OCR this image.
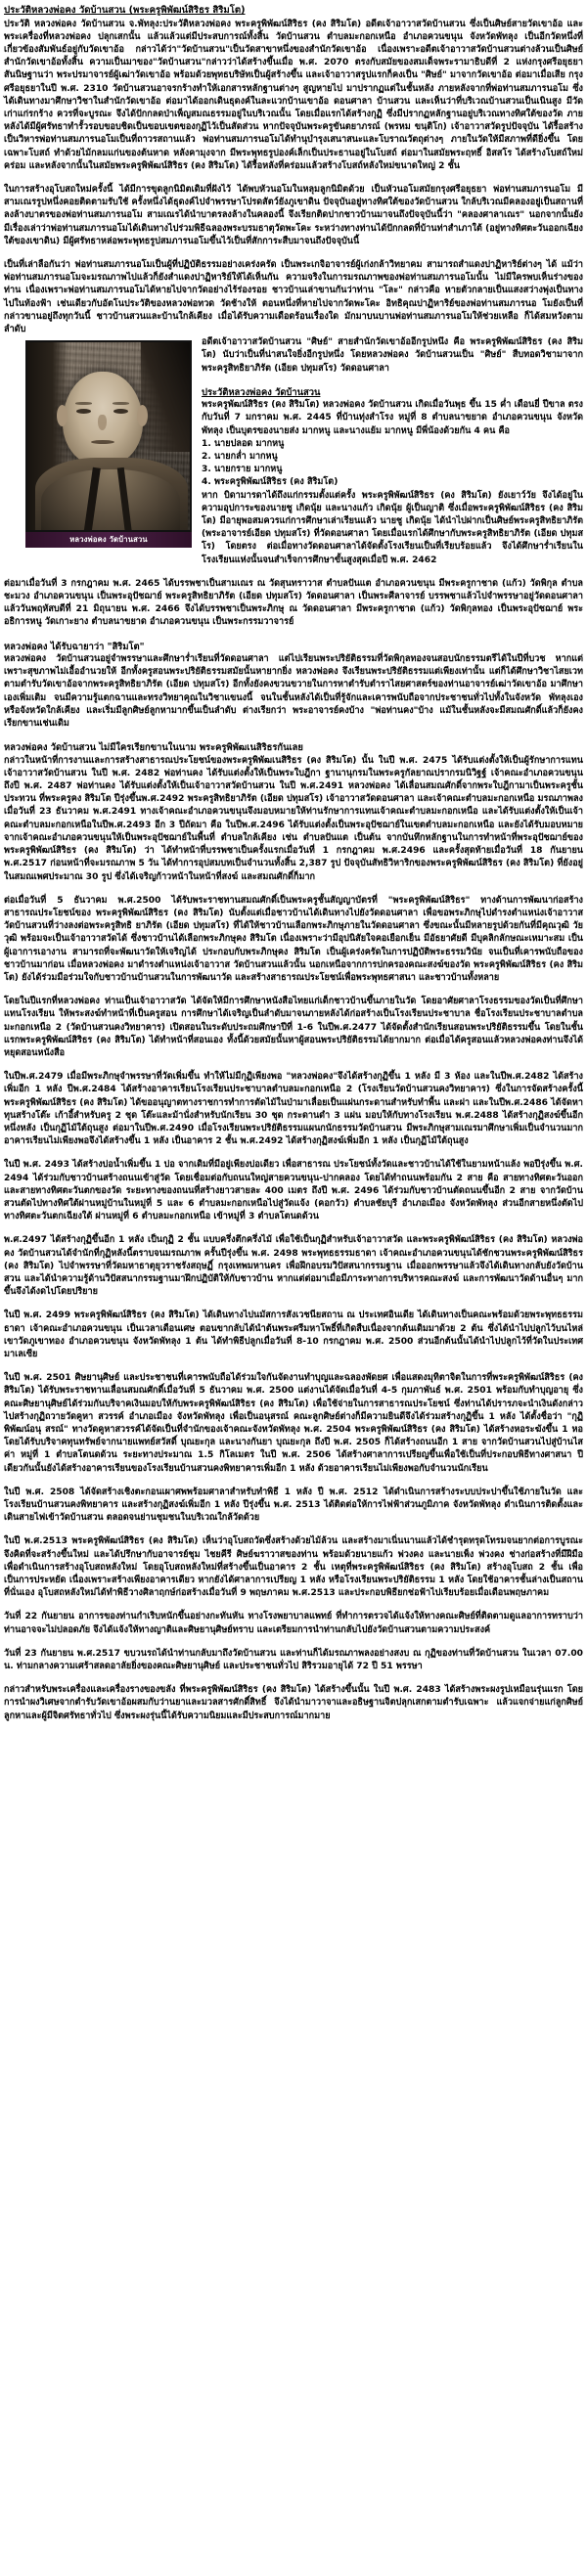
ประวัติหลวงพ่อคง วัดบ้านสวน (พระครูพิพัฒน์สิริธร สิริมโต)

ประวัติ หลวงพ่อคง วัดบ้านสวน จ.พัทลุง:ประวัติหลวงพ่อคง พระครูพิพัฒน์สิริธร (คง สิริมโต) อดีตเจ้าอาวาสวัดบ้านสวน ซึ่งเป็นศิษย์สายวัดเขาอ้อ และพระเครื่องที่หลวงพ่อคง ปลุกเสกนั้น แล้วแล้วแต่มีประสบการณ์ทั้งสิ้น วัดบ้านสวน ตำบลมะกอกเหนือ อำเภอควนขนุน จังหวัดพัทลุง เป็นอีกวัดหนึ่งที่เกี่ยวข้องสัมพันธ์อยู่กับวัดเขาอ้อ กล่าวได้ว่า"วัดบ้านสวน"เป็นวัดสาขาหนึ่งของสำนักวัดเขาอ้อ เนื่องเพราะอดีตเจ้าอาวาสวัดบ้านสวนต่างล้วนเป็นศิษย์สำนักวัดเขาอ้อทั้งสิ้น ความเป็นมาของ"วัดบ้านสวน"กล่าวว่าได้สร้างขึ้นเมื่อ พ.ศ. 2070 ตรงกับสมัยของสมเด็จพระรามาธิบดีที่ 2 แห่งกรุงศรีอยุธยา สันนิษฐานว่า พระปรมาจารย์ผู้เฒ่าวัดเขาอ้อ พร้อมด้วยพุทธบริษัทเป็นผู้สร้างขึ้น และเจ้าอาวาสรูปแรกก็คงเป็น "ศิษย์" มาจากวัดเขาอ้อ ต่อมาเมื่อเสีย กรุงศรีอยุธยาในปี พ.ศ. 2310 วัดบ้านสวนอาจรกร้างทำให้เอกสารหลักฐานต่างๆ สูญหายไป มาปรากฏแต่ในชั้นหลัง ภายหลังจากที่พ่อท่านสมภารนอโม ซึ่งได้เดินทางมาศึกษาวิชาในสำนักวัดเขาอ้อ ต่อมาได้ออกเดินธุดงค์ในละแวกบ้านเขาอ้อ ดอนศาลา บ้านสวน และเห็นว่าที่บริเวณบ้านสวนเป็นเนินสูง มีวัดเก่าแก่รกร้าง ควรที่จะบูรณะ จึงได้ปักกลดป่าเพ็ญสมณธรรมอยู่ในบริเวณนั้น โดยเมื่อแรกได้สร้างกุฏิ ซึ่งมีปรากฏหลักฐานอยู่บริเวณทางทิศใต้ของวัด ภายหลังได้มีผู้ศรัทธาทำรั้วรอบขอบชิดเป็นขอบเขตของกุฏิไว้เป็นสัดส่วน หากปัจจุบันพระครูขันตยาภรณ์ (พรหม ขนฺติโก) เจ้าอาวาสวัดรูปปัจจุบัน ได้รื้อสร้างเป็นวิหารพ่อท่านสมภารนอโมเป็นที่ถาวรสถานแล้ว พ่อท่านสมภารนอโมได้ทำนุบำรุงเสนาสนะและโบราณวัตถุต่างๆ ภายในวัดให้มีสภาพที่ดียิ่งขึ้น โดยเฉพาะโบสถ์ ทำด้วยไม้กลมแก่นของต้นหาด หลังคามุงจาก มีพระพุทธรูปองค์เล็กเป็นประธานอยู่ในโบสถ์ ต่อมาในสมัยพระฤทธิ์ อิสสโร ได้สร้างโบสถ์ใหม่คร่อม และหลังจากนั้นในสมัยพระครูพิพัฒน์สิริธร (คง สิริมโต) ได้รื้อหลังที่คร่อมแล้วสร้างโบสถ์หลังใหม่ขนาดใหญ่ 2 ชั้น

ในการสร้างอุโบสถใหม่ครั้งนี้ ได้มีการขุดลูกนิมิตเดิมที่ฝังไว้ ได้พบหัวนอโมในหลุมลูกนิมิตด้วย เป็นหัวนอโมสมัยกรุงศรีอยุธยา พ่อท่านสมภารนอโม มีสามเณรรูปหนึ่งคอยติดตามรับใช้ ครั้งหนึ่งได้ธุดงค์ไปจำพรรษาโปรดสัตว์ยังภูเขาดิน ปัจจุบันอยู่ทางทิศใต้ของวัดบ้านสวน ใกล้บริเวณมีคลองอยู่เป็นสถานที่ลงล้างบาตรของพ่อท่านสมภารนอโม สามเณรได้นำบาตรลงล้างในคลองนี้ จึงเรียกติดปากชาวบ้านมาจนถึงปัจจุบันนี้ว่า "คลองศาลาเณร" นอกจากนั้นยังมีเรื่องเล่าว่าพ่อท่านสมภารนอโมได้เดินทางไปร่วมพิธีฉลองพระบรมธาตุวัดพะโคะ ระหว่างทางท่านได้ปักกลดที่บ้านท่าสำเภาใต้ (อยู่ทางทิศตะวันออกเฉียงใต้ของเขาดิน) มีผู้ศรัทธาหล่อพระพุทธรูปสมภารนอโมขึ้นไว้เป็นที่สักการะสืบมาจนถึงปัจจุบันนี้

เป็นที่เล่าลือกันว่า พ่อท่านสมภารนอโมเป็นผู้ที่ปฏิบัติธรรมอย่างเคร่งครัด เป็นพระเกจิอาจารย์ผู้เก่งกล้าวิทยาคม สามารถสำแดงปาฏิหาริย์ต่างๆ ได้ แม้ว่าพ่อท่านสมภารนอโมจะมรณภาพไปแล้วก็ยังสำแดงปาฏิหาริย์ให้ได้เห็นกัน ความจริงในการมรณภาพของพ่อท่านสมภารนอโมนั้น ไม่มีใครพบเห็นร่างของท่าน เนื่องเพราะพ่อท่านสมภารนอโมได้หายไปจากวัดอย่างไร้ร่องรอย ชาวบ้านเล่าขานกันว่าท่าน "โละ" กล่าวคือ หายตัวกลายเป็นแสงสว่างพุ่งเป็นทางไปในท้องฟ้า เช่นเดียวกับอัตโนประวัติของหลวงพ่อทวด วัดช้างให้ ตอนหนึ่งที่หายไปจากวัดพะโคะ อิทธิคุณปาฏิหาริย์ของพ่อท่านสมภารนอ โมยังเป็นที่กล่าวขานอยู่ถึงทุกวันนี้ ชาวบ้านสวนและบ้านใกล้เคียง เมื่อได้รับความเดือดร้อนเรื่องใด มักมาบนบานพ่อท่านสมภารนอโมให้ช่วยเหลือ ก็ได้สมหวังตามลำดับ

หลวงพ่อคง วัดบ้านสวน

อดีตเจ้าอาวาสวัดบ้านสวน "ศิษย์" สายสำนักวัดเขาอ้ออีกรูปหนึ่ง คือ พระครูพิพัฒน์สิริธร (คง สิริมโต) นับว่าเป็นที่น่าสนใจยิ่งอีกรูปหนึ่ง โดยหลวงพ่อคง วัดบ้านสวนเป็น "ศิษย์" สืบทอดวิชามาจากพระครูสิทธิยาภิรัต (เอียด ปทุมสโร) วัดดอนศาลา

ประวัติหลวงพ่อคง วัดบ้านสวน

พระครูพัฒน์สิริธร (คง สิริมโต) หลวงพ่อคง วัดบ้านสวน เกิดเมื่อวันพุธ ขึ้น 15 ค่ำ เดือนยี่ ปีขาล ตรงกับวันที่ 7 มกราคม พ.ศ. 2445 ที่บ้านทุ่งสำโรง หมู่ที่ 8 ตำบลนาขยาด อำเภอควนขนุน จังหวัดพัทลุง เป็นบุตรของนายส่ง มากหนู และนางแย้ม มากหนู มีพี่น้องด้วยกัน 4 คน คือ

1. นายปลอด มากหนู
2. นายกล่ำ มากหนู
3. นายกราย มากหนู
4. พระครูพิพัฒน์สิริธร (คง สิริมโต)

หาก บิดามารดาได้ถึงแก่กรรมตั้งแต่ครั้ง พระครูพิพัฒน์สิริธร (คง สิริมโต) ยังเยาว์วัย จึงได้อยู่ในความอุปการะของนายชู เกิดนุ้ย และนางแก้ว เกิดนุ้ย ผู้เป็นญาติ ซึ่งเมื่อพระครูพิพัฒน์สิริธร (คง สิริมโต) มีอายุพอสมควรแก่การศึกษาเล่าเรียนแล้ว นายชู เกิดนุ้ย ได้นำไปฝากเป็นศิษย์พระครูสิทธิยาภิรัต (พระอาจารย์เอียด ปทุมสโร) ที่วัดดอนศาลา โดยเมื่อแรกได้ศึกษากับพระครูสิทธิยาภิรัต (เอียด ปทุมสโร) โดยตรง ต่อเมื่อทางวัดดอนศาลาได้จัดตั้งโรงเรียนเป็นที่เรียบร้อยแล้ว จึงได้ศึกษาร่ำเรียนในโรงเรียนแห่งนั้นจนสำเร็จการศึกษาขั้นสูงสุดเมื่อปี พ.ศ. 2462

ต่อมาเมื่อวันที่ 3 กรกฎาคม พ.ศ. 2465 ได้บรรพชาเป็นสามเณร ณ วัดสุนทราวาส ตำบลปันแต อำเภอควนขนุน มีพระครูกาชาด (แก้ว) วัดพิกุล ตำบลชะมวง อำเภอควนขนุน เป็นพระอุปัชฌาย์ พระครูสิทธิยาภิรัต (เอียด ปทุมสโร) วัดดอนศาลา เป็นพระศีลาจารย์ บรรพชาแล้วไปจำพรรษาอยู่วัดดอนศาลา แล้ววันพฤหัสบดีที่ 21 มิถุนายน พ.ศ. 2466 จึงได้บรรพชาเป็นพระภิกษุ ณ วัดดอนศาลา มีพระครูกาชาด (แก้ว) วัดพิกุลทอง เป็นพระอุปัชฌาย์ พระอธิการหนู วัดเกาะยาง ตำบลนาขยาด อำเภอควนขนุน เป็นพระกรรมวาจารย์

หลวงพ่อคง ได้รับฉายาว่า "สิริมโต"

หลวงพ่อคง วัดบ้านสวนอยู่จำพรรษาและศึกษาร่ำเรียนที่วัดดอนศาลา แต่ไปเรียนพระปริยัติธรรมที่วัดพิกุลทองจนสอบนักธรรมตรีได้ในปีที่บวช หากแต่เพราะสุขภาพไม่เอื้ออำนวยให้ อีกทั้งครูสอนพระปริยัติธรรมสมัยนั้นหายากยิ่ง หลวงพ่อคง จึงเรียนพระปริยัติธรรมแต่เพียงเท่านั้น แต่ก็ได้ศึกษาวิชาไสยเวท ตามตำรับวัดเขาอ้อจากพระครูสิทธิยาภิรัต (เอียด ปทุมสโร) อีกทั้งยังคงขวนขวายในการหาตำรับตำราไสยศาสตร์ของท่านอาจารย์เฒ่าวัดเขาอ้อ มาศึกษาเองเพิ่มเติม จนมีความรู้แตกฉานและทรงวิทยาคุณในวิชาแขนงนี้ จนในชั้นหลังได้เป็นที่รู้จักและเคารพนับถือจากประชาชนทั่วไปทั้งในจังหวัด พัทลุงเอง หรือจังหวัดใกล้เคียง และเริ่มมีลูกศิษย์ลูกหามากขึ้นเป็นลำดับ ต่างเรียกว่า พระอาจารย์คงบ้าง "พ่อท่านคง"บ้าง แม้ในชั้นหลังจะมีสมณศักดิ์แล้วก็ยังคงเรียกขานเช่นเดิม

หลวงพ่อคง วัดบ้านสวน ไม่มีใครเรียกขานในนาม พระครูพิพัฒเนสิริธรกันเลย

กล่าวในหน้าที่การงานและการสร้างสาธารณประโยชน์ของพระครูพิพัฒเนสิริธร (คง สิริมโต) นั้น ในปี พ.ศ. 2475 ได้รับแต่งตั้งให้เป็นผู้รักษาการแทนเจ้าอาวาสวัดบ้านสวน ในปี พ.ศ. 2482 พ่อท่านคง ได้รับแต่งตั้งให้เป็นพระใบฎีกา ฐานานุกรมในพระครูกัลยาณปรากรมนิวิฐฐ์ เจ้าคณะอำเภอควนขนุน ถึงปี พ.ศ. 2487 พ่อท่านคง ได้รับแต่งตั้งให้เป็นเจ้าอาวาสวัดบ้านสวน ในปี พ.ศ.2491 หลวงพ่อคง ได้เลื่อนสมณศักดิ์จากพระใบฎีกามาเป็นพระครูชั้นประทวน ที่พระครูคง สิริมโต ปีรุ่งขึ้นพ.ศ.2492 พระครูสิทธิยาภิรัต (เอียด ปทุมสโร) เจ้าอาวาสวัดดอนศาลา และเจ้าคณะตำบลมะกอกเหนือ มรณภาพลงเมื่อวันที่ 23 ธันวาคม พ.ศ.2491 ทางเจ้าคณะอำเภอควนขนุนจึงมอบหมายให้ท่านรักษาการแทนเจ้าคณะตำบลมะกอกเหนือ และได้รับแต่งตั้งให้เป็นเจ้าคณะตำบลมะกอกเหนือในปีพ.ศ.2493 อีก 3 ปีถัดมา คือ ในปีพ.ศ.2496 ได้รับแต่งตั้งเป็นพระอุปัชฌาย์ในเขตตำบลมะกอกเหนือ และยังได้รับมอบหมายจากเจ้าคณะอำเภอควนขนุนให้เป็นพระอุปัชฌาย์ในพื้นที่ ตำบลใกล้เคียง เช่น ตำบลปันแต เป็นต้น จากบันทึกหลักฐานในการทำหน้าที่พระอุปัชฌาย์ของพระครูพิพัฒน์สิริธร (คง สิริมโต) ว่า ได้ทำหน้าที่บรรพชาเป็นครั้งแรกเมื่อวันที่ 1 กรกฎาคม พ.ศ.2496 และครั้งสุดท้ายเมื่อวันที่ 18 กันยายน พ.ศ.2517 ก่อนหน้าที่จะมรณภาพ 5 วัน ได้ทำการอุปสมบทเป็นจำนวนทั้งสิ้น 2,387 รูป ปัจจุบันสัทธิวิหาริกของพระครูพิพัฒน์สิริธร (คง สิริมโต) ที่ยังอยู่ในสมณเพศประมาณ 30 รูป ซึ่งได้เจริญก้าวหน้าในหน้าที่สงฆ์ และสมณศักดิ์ก็มาก

ต่อเมื่อวันที่ 5 ธันวาคม พ.ศ.2500 ได้รับพระราชทานสมณศักดิ์เป็นพระครูชั้นสัญญาบัตรที่ "พระครูพิพัฒน์สิริธร" ทางด้านการพัฒนาก่อสร้างสาธารณประโยชน์ของ พระครูพิพัฒน์สิริธร (คง สิริมโต) นับตั้งแต่เมื่อชาวบ้านได้เดินทางไปยังวัดดอนศาลา เพื่อขอพระภิกษุไปดำรงตำแหน่งเจ้าอาวาสวัดบ้านสวนที่ว่างลงต่อพระครูสิทธิ ยาภิรัต (เอียด ปทุมสโร) ที่ได้ให้ชาวบ้านเลือกพระภิกษุภายในวัดดอนศาลา ซึ่งขณะนั้นมีหลายรูปด้วยกันที่มีคุณวุฒิ วัยวุฒิ พร้อมจะเป็นเจ้าอาวาสวัดได้ ซึ่งชาวบ้านได้เลือกพระภิกษุคง สิริมโต เนื่องเพราะว่ามีอุปนิสัยใจคอเยือกเย็น มีอัธยาศัยดี มีบุคลิกลักษณะเหมาะสม เป็นผู้เอาการเอางาน สามารถที่จะพัฒนาวัดให้เจริญได้ ประกอบกับพระภิกษุคง สิริมโต เป็นผู้เคร่งครัดในการปฏิบัติพระธรรมวินัย จนเป็นที่เคารพนับถือของชาวบ้านมาก่อน เมื่อหลวงพ่อคง มาดำรงตำแหน่งเจ้าอาวาส วัดบ้านสวนแล้วนั้น นอกเหนือจากการปกครองคณะสงฆ์ของวัด พระครูพิพัฒน์สิริธร (คง สิริมโต) ยังได้ร่วมมือร่วมใจกับชาวบ้านบ้านสวนในการพัฒนาวัด และสร้างสาธารณประโยชน์เพื่อพระพุทธศาสนา และชาวบ้านทั้งหลาย

โดยในปีแรกที่หลวงพ่อคง ท่านเป็นเจ้าอาวาสวัด ได้จัดให้มีการศึกษาหนังสือไทยแก่เด็กชาวบ้านขึ้นภายในวัด โดยอาศัยศาลาโรงธรรมของวัดเป็นที่ศึกษาแทนโรงเรียน ให้พระสงฆ์ทำหน้าที่เป็นครูสอน การศึกษาได้เจริญเป็นลำดับมาจนภายหลังได้ก่อสร้างเป็นโรงเรียนประชาบาล ชื่อโรงเรียนประชาบาลตำบลมะกอกเหนือ 2 (วัดบ้านสวนคงวิทยาคาร) เปิดสอนในระดับประถมศึกษาปีที่ 1-6 ในปีพ.ศ.2477 ได้จัดตั้งสำนักเรียนสอนพระปริยัติธรรมขึ้น โดยในชั้นแรกพระครูพิพัฒน์สิริธร (คง สิริมโต) ได้ทำหน้าที่สอนเอง ทั้งนี้ด้วยสมัยนั้นหาผู้สอนพระปริยัติธรรมได้ยากมาก ต่อเมื่อได้ครูสอนแล้วหลวงพ่อคงท่านจึงได้หยุดสอนหนังสือ

ในปีพ.ศ.2479 เมื่อมีพระภิกษุจำพรรษาที่วัดเพิ่มขึ้น ทำให้ไม่มีกุฏิเพียงพอ "หลวงพ่อคง"จึงได้สร้างกุฏิขึ้น 1 หลัง มี 3 ห้อง และในปีพ.ศ.2482 ได้สร้างเพิ่มอีก 1 หลัง ปีพ.ศ.2484 ได้สร้างอาคารเรียนโรงเรียนประชาบาลตำบลมะกอกเหนือ 2 (โรงเรียนวัดบ้านสวนคงวิทยาคาร) ซึ่งในการจัดสร้างครั้งนี้พระครูพิพัฒน์สิริธร (คง สิริมโต) ได้ขออนุญาตทางราชการทำการตัดไม้ในป่ามาเลื่อยเป็นแผ่นกระดานสำหรับทำพื้น และฝา และในปีพ.ศ.2486 ได้จัดหาทุนสร้างโต๊ะ เก้าอี้สำหรับครู 2 ชุด โต๊ะและม้านั่งสำหรับนักเรียน 30 ชุด กระดานดำ 3 แผ่น มอบให้กับทางโรงเรียน พ.ศ.2488 ได้สร้างกุฏิสงฆ์ขึ้นอีกหนึ่งหลัง เป็นกุฏิไม้ใต้ถุนสูง ต่อมาในปีพ.ศ.2490 เมื่อโรงเรียนพระปริยัติธรรมแผนกนักธรรมวัดบ้านสวน มีพระภิกษุสามเณรมาศึกษาเพิ่มเป็นจำนวนมาก อาคารเรียนไม่เพียงพอจึงได้สร้างขึ้น 1 หลัง เป็นอาคาร 2 ชั้น พ.ศ.2492 ได้สร้างกุฏิสงฆ์เพิ่มอีก 1 หลัง เป็นกุฏิไม้ใต้ถุนสูง

ในปี พ.ศ. 2493 ได้สร้างบ่อน้ำเพิ่มขึ้น 1 บ่อ จากเดิมที่มีอยู่เพียงบ่อเดียว เพื่อสาธารณ ประโยชน์ทั้งวัดและชาวบ้านได้ใช้ในยามหน้าแล้ง พอปีรุ่งขึ้น พ.ศ. 2494 ได้ร่วมกับชาวบ้านสร้างถนนเข้าสู่วัด โดยเชื่อมต่อกับถนนใหญ่สายควนขนุน-ปากคลอง โดยได้ทำถนนพร้อมกัน 2 สาย คือ สายทางทิศตะวันออก และสายทางทิศตะวันตกของวัด ระยะทางของถนนที่สร้างยาวสายละ 400 เมตร ถึงปี พ.ศ. 2496 ได้ร่วมกับชาวบ้านตัดถนนขึ้นอีก 2 สาย จากวัดบ้านสวนตัดไปทางทิศใต้ผ่านหมู่บ้านในหมู่ที่ 5 และ 6 ตำบลมะกอกเหนือไปสู่วัดแจ้ง (คอกวัว) ตำบลชัยบุรี อำเภอเมือง จังหวัดพัทลุง ส่วนอีกสายหนึ่งตัดไปทางทิศตะวันตกเฉียงใต้ ผ่านหมู่ที่ 6 ตำบลมะกอกเหนือ เข้าหมู่ที่ 3 ตำบลโตนดด้วน

พ.ศ.2497 ได้สร้างกุฏิขึ้นอีก 1 หลัง เป็นกุฏิ 2 ชั้น แบบครึ่งตึกครึ่งไม้ เพื่อใช้เป็นกุฏิสำหรับเจ้าอาวาสวัด และพระครูพิพัฒน์สิริธร (คง สิริมโต) หลวงพ่อคง วัดบ้านสวนได้จำนักที่กุฏิหลังนี้ตราบจนมรณภาพ ครั้นปีรุ่งขึ้น พ.ศ. 2498 พระพุทธธรรมธาดา เจ้าคณะอำเภอควนขนุนได้ชักชวนพระครูพิพัฒน์สิริธร (คง สิริมโต) ไปจำพรรษาที่วัดมหาธาตุยุวราชรังสฤษฏิ์ กรุงเทพมหานคร เพื่อฝึกอบรมวิปัสสนากรรมฐาน เมื่อออกพรรษาแล้วจึงได้เดินทางกลับยังวัดบ้านสวน และได้นำความรู้ด้านวิปัสสนากรรมฐานมาฝึกปฏิบัติให้กับชาวบ้าน หากแต่ต่อมาเมื่อมีภาระทางการบริหารคณะสงฆ์ และการพัฒนาวัดด้านอื่นๆ มากขึ้นจึงได้งดไปโดยปริยาย

ในปี พ.ศ. 2499 พระครูพิพัฒน์สิริธร (คง สิริมโต) ได้เดินทางไปนมัสการสังเวชนียสถาน ณ ประเทศอินเดีย ได้เดินทางเป็นคณะพร้อมด้วยพระพุทธธรรมธาดา เจ้าคณะอำเภอควนขนุน เป็นเวลาเดือนเศษ ตอนขากลับได้นำต้นพระศรีมหาโพธิ์ที่เกิดสืบเนื่องจากต้นเดิมมาด้วย 2 ต้น ซึ่งได้นำไปปลูกไว้บนไหล่เขาวัดภูเขาทอง อำเภอควนขนุน จังหวัดพัทลุง 1 ต้น ได้ทำพิธีปลูกเมื่อวันที่ 8-10 กรกฎาคม พ.ศ. 2500 ส่วนอีกต้นนั้นได้นำไปปลูกไว้ที่วัดในประเทศมาเลเซีย

ในปี พ.ศ. 2501 ศิษยานุศิษย์ และประชาชนที่เคารพนับถือได้ร่วมใจกันจัดงานทำบุญและฉลองพัดยศ เพื่อแสดงมุทิตาจิตในการที่พระครูพิพัฒน์สิริธร (คง สิริมโต) ได้รับพระราชทานเลื่อนสมณศักดิ์เมื่อวันที่ 5 ธันวาคม พ.ศ. 2500 แต่งานได้จัดเมื่อวันที่ 4-5 กุมภาพันธ์ พ.ศ. 2501 พร้อมกับทำบุญอายุ ซึ่งคณะศิษยานุศิษย์ได้ร่วมกันบริจาคเงินมอบให้กับพระครูพิพัฒน์สิริธร (คง สิริมโต) เพื่อใช้จ่ายในการสาธารณประโยชน์ ซึ่งท่านได้ปรารภจะนำเงินดังกล่าวไปสร้างกุฏิถวายวัดคูหา สวรรค์ อำเภอเมือง จังหวัดพัทลุง เพื่อเป็นอนุสรณ์ คณะลูกศิษย์ต่างก็มีความยินดีจึงได้ร่วมสร้างกุฏิขึ้น 1 หลัง ได้ตั้งชื่อว่า "กุฏิพิพัฒน์อนุ สรณ์" ทางวัดคูหาสวรรค์ได้จัดเป็นที่จำนักของเจ้าคณะจังหวัดพัทลุง พ.ศ. 2504 พระครูพิพัฒน์สิริธร (คง สิริมโต) ได้สร้างหอระฆังขึ้น 1 หอ โดยได้รับบริจาคทุนทรัพย์จากนายแพทย์สวัสดิ์ บุณยะกุล และนางกันยา บุณยะกุล ถึงปี พ.ศ. 2505 ก็ได้สร้างถนนอีก 1 สาย จากวัดบ้านสวนไปสู่บ้านไสค่า หมู่ที่ 1 ตำบลโตนดด้วน ระยะทางประมาณ 1.5 กิโลเมตร ในปี พ.ศ. 2506 ได้สร้างศาลาการเปรียญขึ้นเพื่อใช้เป็นที่ประกอบพิธีทางศาสนา ปีเดียวกันนั้นยังได้สร้างอาคารเรียนของโรงเรียนบ้านสวนคงพิทยาคารเพิ่มอีก 1 หลัง ด้วยอาคารเรียนไม่เพียงพอกับจำนวนนักเรียน

ในปี พ.ศ. 2508 ได้จัดสร้างเชิงตะกอนเผาศพพร้อมศาลาสำหรับทำพิธี 1 หลัง ปี พ.ศ. 2512 ได้ดำเนินการสร้างระบบประปาขึ้นใช้ภายในวัด และโรงเรียนบ้านสวนคงพิทยาคาร และสร้างกุฏิสงฆ์เพิ่มอีก 1 หลัง ปีรุ่งขึ้น พ.ศ. 2513 ได้ติดต่อให้การไฟฟ้าส่วนภูมิภาค จังหวัดพัทลุง ดำเนินการติดตั้งและเดินสายไฟเข้าวัดบ้านสวน ตลอดจนย่านชุมชนในบริเวณใกล้วัดด้วย

ในปี พ.ศ.2513 พระครูพิพัฒน์สิริธร (คง สิริมโต) เห็นว่าอุโบสถวัดซึ่งสร้างด้วยไม้ล้วน และสร้างมาเนิ่นนานแล้วได้ชำรุดทรุดโทรมจนยากต่อการบูรณะ จึงคิดที่จะสร้างขึ้นใหม่ และได้ปรึกษากับอาจารย์ชุม ไชยคีรี ศิษย์ฆราวาสของท่าน พร้อมด้วยนายแก้ว พ่วงคง และนายเพ็ง พ่วงคง ช่างก่อสร้างที่มีฝีมือ เพื่อดำเนินการสร้างอุโบสถหลังใหม่ โดยอุโบสถหลังใหม่ที่สร้างขึ้นเป็นอาคาร 2 ชั้น เหตุที่พระครูพิพัฒน์สิริธร (คง สิริมโต) สร้างอุโบสถ 2 ชั้น เพื่อเป็นการประหยัด เนื่องเพราะสร้างเพียงอาคารเดียว หากยังได้ศาลาการเปรียญ 1 หลัง หรือโรงเรียนพระปริยัติธรรม 1 หลัง โดยใช้อาคารชั้นล่างเป็นสถานที่นั่นเอง อุโบสถหลังใหม่ได้ทำพิธีวางศิลาฤกษ์ก่อสร้างเมื่อวันที่ 9 พฤษภาคม พ.ศ.2513 และประกอบพิธียกช่อฟ้าไปเรียบร้อยเมื่อเดือนพฤษภาคม

วันที่ 22 กันยายน อาการของท่านกำเริบหนักขึ้นอย่างกะทันหัน ทางโรงพยาบาลแพทย์ ที่ทำการตรวจได้แจ้งให้ทางคณะศิษย์ที่ติดตามดูแลอาการทราบว่าท่านอาจจะไม่ปลอดภัย จึงได้แจ้งให้ทางญาติและศิษยานุศิษย์ทราบ และเตรียมการนำท่านกลับไปยังวัดบ้านสวนตามความประสงค์

วันที่ 23 กันยายน พ.ศ.2517 ขบวนรถได้นำท่านกลับมาถึงวัดบ้านสวน และท่านก็ได้มรณภาพลงอย่างสงบ ณ กุฏิของท่านที่วัดบ้านสวน ในเวลา 07.00 น. ท่ามกลางความเศร้าสลดอาลัยยิ่งของคณะศิษยานุศิษย์ และประชาชนทั่วไป สิริรวมอายุได้ 72 ปี 51 พรรษา

กล่าวสำหรับพระเครื่องและเครื่องรางของขลัง ที่พระครูพิพัฒน์สิริธร (คง สิริมโต) ได้สร้างขึ้นนั้น ในปี พ.ศ. 2483 ได้สร้างพระผงรูปเหมือนรุ่นแรก โดยการนำผงวิเศษจากตำรับวัดเขาอ้อผสมกับว่านยาและมวลสารศักดิ์สิทธิ์ จึงได้นำมาวาจาและอธิษฐานจิตปลุกเสกตามตำรับเฉพาะ แล้วแจกจ่ายแก่ลูกศิษย์ลูกหาและผู้มีจิตศรัทธาทั่วไป ซึ่งพระผงรุ่นนี้ได้รับความนิยมและมีประสบการณ์มากมาย
